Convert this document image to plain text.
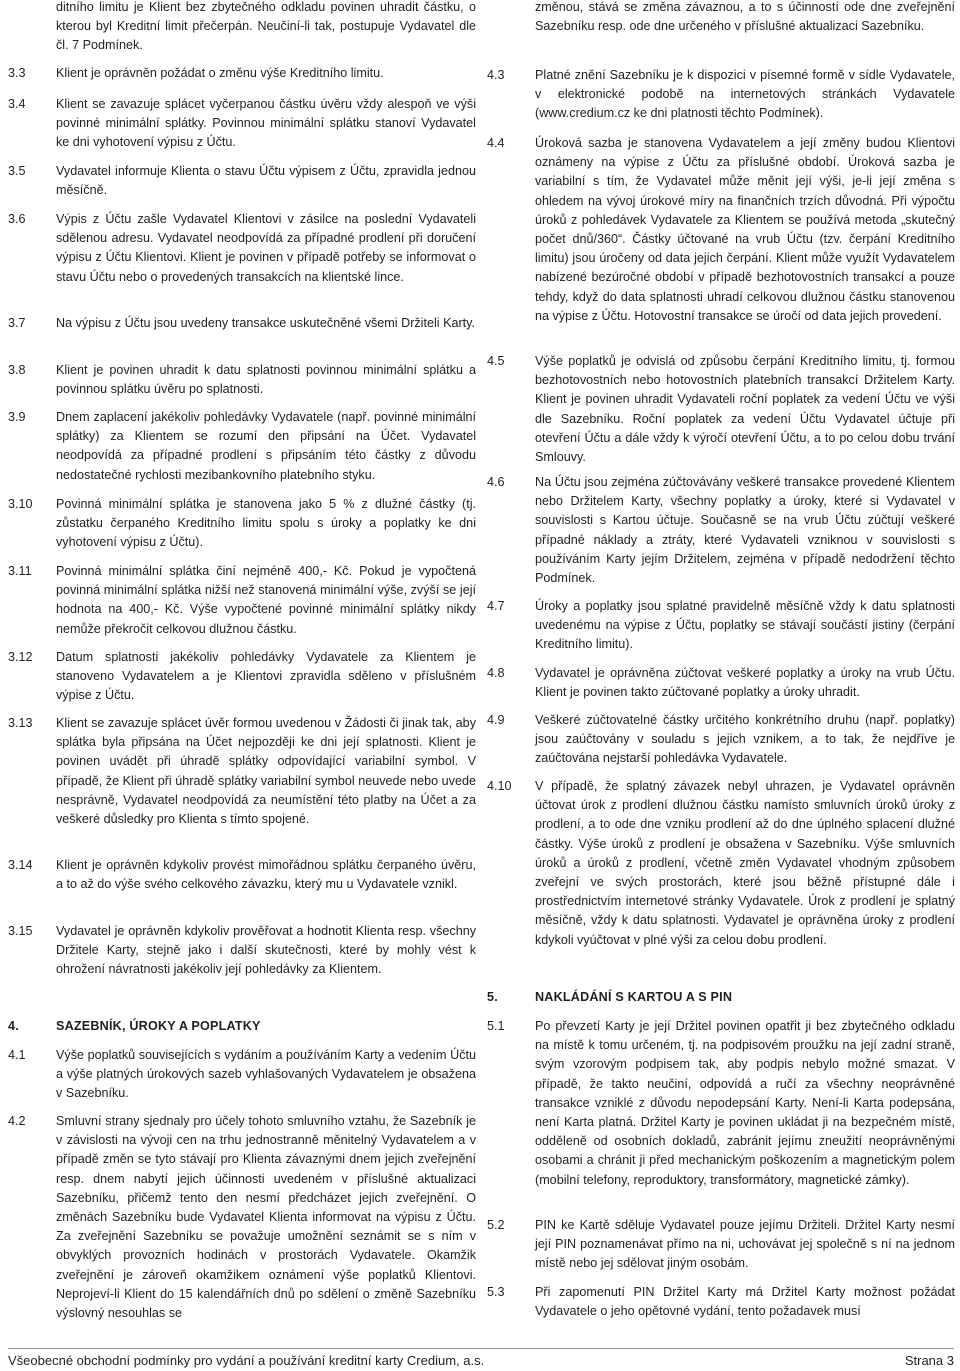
ditního limitu je Klient bez zbytečného odkladu povinen uhradit částku, o kterou byl Kreditní limit přečerpán. Neučiní-li tak, postupuje Vydavatel dle čl. 7 Podmínek.
3.3	Klient je oprávněn požádat o změnu výše Kreditního limitu.
3.4	Klient se zavazuje splácet vyčerpanou částku úvěru vždy alespoň ve výši povinné minimální splátky. Povinnou minimální splátku stanoví Vydavatel ke dni vyhotovení výpisu z Účtu.
3.5	Vydavatel informuje Klienta o stavu Účtu výpisem z Účtu, zpravidla jednou měsíčně.
3.6	Výpis z Účtu zašle Vydavatel Klientovi v zásilce na poslední Vydavateli sdělenou adresu. Vydavatel neodpovídá za případné prodlení při doručení výpisu z Účtu Klientovi. Klient je povinen v případě potřeby se informovat o stavu Účtu nebo o provedených transakcích na klientské lince.
3.7	Na výpisu z Účtu jsou uvedeny transakce uskutečněné všemi Držiteli Karty.
3.8	Klient je povinen uhradit k datu splatnosti povinnou minimální splátku a povinnou splátku úvěru po splatnosti.
3.9	Dnem zaplacení jakékoliv pohledávky Vydavatele (např. povinné minimální splátky) za Klientem se rozumí den připsání na Účet. Vydavatel neodpovídá za případné prodlení s připsáním této částky z důvodu nedostatečné rychlosti mezibankovního platebního styku.
3.10	Povinná minimální splátka je stanovena jako 5 % z dlužné částky (tj. zůstatku čerpaného Kreditního limitu spolu s úroky a poplatky ke dni vyhotovení výpisu z Účtu).
3.11	Povinná minimální splátka činí nejméně 400,- Kč. Pokud je vypočtená povinná minimální splátka nižší než stanovená minimální výše, zvýší se její hodnota na 400,- Kč. Výše vypočtené povinné minimální splátky nikdy nemůže překročit celkovou dlužnou částku.
3.12	Datum splatnosti jakékoliv pohledávky Vydavatele za Klientem je stanoveno Vydavatelem a je Klientovi zpravidla sděleno v příslušném výpise z Účtu.
3.13	Klient se zavazuje splácet úvěr formou uvedenou v Žádosti či jinak tak, aby splátka byla připsána na Účet nejpozději ke dni její splatnosti. Klient je povinen uvádět při úhradě splátky odpovídající variabilní symbol. V případě, že Klient při úhradě splátky variabilní symbol neuvede nebo uvede nesprávně, Vydavatel neodpovídá za neumístění této platby na Účet a za veškeré důsledky pro Klienta s tímto spojené.
3.14	Klient je oprávněn kdykoliv provést mimořádnou splátku čerpaného úvěru, a to až do výše svého celkového závazku, který mu u Vydavatele vznikl.
3.15	Vydavatel je oprávněn kdykoliv prověřovat a hodnotit Klienta resp. všechny Držitele Karty, stejně jako i další skutečnosti, které by mohly vést k ohrožení návratnosti jakékoliv její pohledávky za Klientem.
4.	SAZEBNÍK, ÚROKY A POPLATKY
4.1	Výše poplatků souvisejících s vydáním a používáním Karty a vedením Účtu a výše platných úrokových sazeb vyhlašovaných Vydavatelem je obsažena v Sazebníku.
4.2	Smluvní strany sjednaly pro účely tohoto smluvního vztahu, že Sazebník je v závislosti na vývoji cen na trhu jednostranně měnitelný Vydavatelem a v případě změn se tyto stávají pro Klienta závaznými dnem jejich zveřejnění resp. dnem nabytí jejich účinnosti uvedeném v příslušné aktualizaci Sazebníku, přičemž tento den nesmí předcházet jejich zveřejnění. O změnách Sazebníku bude Vydavatel Klienta informovat na výpisu z Účtu. Za zveřejnění Sazebníku se považuje umožnění seznámit se s ním v obvyklých provozních hodinách v prostorách Vydavatele. Okamžik zveřejnění je zároveň okamžikem oznámení výše poplatků Klientovi. Neprojeví-li Klient do 15 kalendářních dnů po sdělení o změně Sazebníku výslovný nesouhlas se
změnou, stává se změna závaznou, a to s účinností ode dne zveřejnění Sazebníku resp. ode dne určeného v příslušné aktualizaci Sazebníku.
4.3	Platné znění Sazebníku je k dispozici v písemné formě v sídle Vydavatele, v elektronické podobě na internetových stránkách Vydavatele (www.credium.cz ke dni platnosti těchto Podmínek).
4.4	Úroková sazba je stanovena Vydavatelem a její změny budou Klientovi oznámeny na výpise z Účtu za příslušné období. Úroková sazba je variabilní s tím, že Vydavatel může měnit její výši, je-li její změna s ohledem na vývoj úrokové míry na finančních trzích důvodná. Při výpočtu úroků z pohledávek Vydavatele za Klientem se používá metoda „skutečný počet dnů/360“. Částky účtované na vrub Účtu (tzv. čerpání Kreditního limitu) jsou úročeny od data jejich čerpání. Klient může využít Vydavatelem nabízené bezúročné období v případě bezhotovostních transakcí a pouze tehdy, když do data splatnosti uhradí celkovou dlužnou částku stanovenou na výpise z Účtu. Hotovostní transakce se úročí od data jejich provedení.
4.5	Výše poplatků je odvislá od způsobu čerpání Kreditního limitu, tj. formou bezhotovostních nebo hotovostních platebních transakcí Držitelem Karty. Klient je povinen uhradit Vydavateli roční poplatek za vedení Účtu ve výši dle Sazebníku. Roční poplatek za vedení Účtu Vydavatel účtuje při otevření Účtu a dále vždy k výročí otevření Účtu, a to po celou dobu trvání Smlouvy.
4.6	Na Účtu jsou zejména zúčtovávány veškeré transakce provedené Klientem nebo Držitelem Karty, všechny poplatky a úroky, které si Vydavatel v souvislosti s Kartou účtuje. Současně se na vrub Účtu zúčtují veškeré případné náklady a ztráty, které Vydavateli vzniknou v souvislosti s používáním Karty jejím Držitelem, zejména v případě nedodržení těchto Podmínek.
4.7	Úroky a poplatky jsou splatné pravidelně měsíčně vždy k datu splatnosti uvedenému na výpise z Účtu, poplatky se stávají součástí jistiny (čerpání Kreditního limitu).
4.8	Vydavatel je oprávněna zúčtovat veškeré poplatky a úroky na vrub Účtu. Klient je povinen takto zúčtované poplatky a úroky uhradit.
4.9	Veškeré zúčtovatelné částky určitého konkrétního druhu (např. poplatky) jsou zaúčtovány v souladu s jejich vznikem, a to tak, že nejdříve je zaúčtována nejstarší pohledávka Vydavatele.
4.10	V případě, že splatný závazek nebyl uhrazen, je Vydavatel oprávněn účtovat úrok z prodlení dlužnou částku namísto smluvních úroků úroky z prodlení, a to ode dne vzniku prodlení až do dne úplného splacení dlužné částky. Výše úroků z prodlení je obsažena v Sazebníku. Výše smluvních úroků a úroků z prodlení, včetně změn Vydavatel vhodným způsobem zveřejní ve svých prostorách, které jsou běžně přístupné dále i prostřednictvím internetové stránky Vydavatele. Úrok z prodlení je splatný měsíčně, vždy k datu splatnosti. Vydavatel je oprávněna úroky z prodlení kdykoli vyúčtovat v plné výši za celou dobu prodlení.
5.	NAKLÁDÁNÍ S KARTOU A S PIN
5.1	Po převzetí Karty je její Držitel povinen opatřit ji bez zbytečného odkladu na místě k tomu určeném, tj. na podpisovém proužku na její zadní straně, svým vzorovým podpisem tak, aby podpis nebylo možné smazat. V případě, že takto neučiní, odpovídá a ručí za všechny neoprávněné transakce vzniklé z důvodu nepodepsání Karty. Není-li Karta podepsána, není Karta platná. Držitel Karty je povinen ukládat ji na bezpečném místě, odděleně od osobních dokladů, zabránit jejímu zneužití neoprávněnými osobami a chránit ji před mechanickým poškozením a magnetickým polem (mobilní telefony, reproduktory, transformátory, magnetické zámky).
5.2	PIN ke Kartě sděluje Vydavatel pouze jejímu Držiteli. Držitel Karty nesmí její PIN poznamenávat přímo na ni, uchovávat jej společně s ní na jednom místě nebo jej sdělovat jiným osobám.
5.3	Při zapomenutí PIN Držitel Karty má Držitel Karty možnost požádat Vydavatele o jeho opětovné vydání, tento požadavek musí
Všeobecné obchodní podmínky pro vydání a používání kreditní karty Credium, a.s.	Strana 3
